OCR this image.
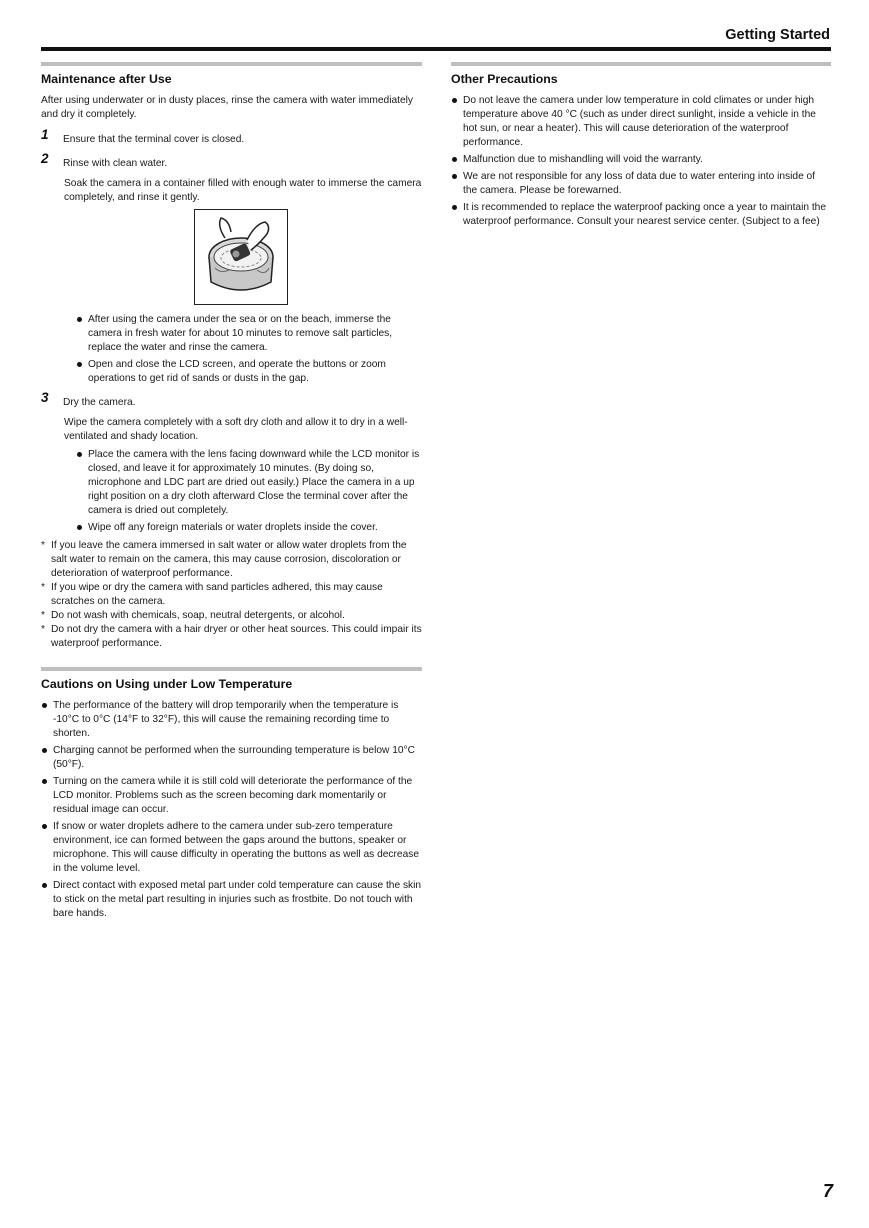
Getting Started
Maintenance after Use

After using underwater or in dusty places, rinse the camera with water immediately and dry it completely.

1 Ensure that the terminal cover is closed.
2 Rinse with clean water.

Soak the camera in a container filled with enough water to immerse the camera completely, and rinse it gently.

After using the camera under the sea or on the beach, immerse the camera in fresh water for about 10 minutes to remove salt particles, replace the water and rinse the camera.
Open and close the LCD screen, and operate the buttons or zoom operations to get rid of sands or dusts in the gap.
3 Dry the camera.

Wipe the camera completely with a soft dry cloth and allow it to dry in a well-ventilated and shady location.

Place the camera with the lens facing downward while the LCD monitor is closed, and leave it for approximately 10 minutes. (By doing so, microphone and LDC part are dried out easily.) Place the camera in a up right position on a dry cloth afterward Close the terminal cover after the camera is dried out completely.
Wipe off any foreign materials or water droplets inside the cover.
* If you leave the camera immersed in salt water or allow water droplets from the salt water to remain on the camera, this may cause corrosion, discoloration or deterioration of waterproof performance.
* If you wipe or dry the camera with sand particles adhered, this may cause scratches on the camera.
* Do not wash with chemicals, soap, neutral detergents, or alcohol.
* Do not dry the camera with a hair dryer or other heat sources. This could impair its waterproof performance.
Cautions on Using under Low Temperature
The performance of the battery will drop temporarily when the temperature is -10°C to 0°C (14°F to 32°F), this will cause the remaining recording time to shorten.
Charging cannot be performed when the surrounding temperature is below 10°C (50°F).
Turning on the camera while it is still cold will deteriorate the performance of the LCD monitor. Problems such as the screen becoming dark momentarily or residual image can occur.
If snow or water droplets adhere to the camera under sub-zero temperature environment, ice can formed between the gaps around the buttons, speaker or microphone. This will cause difficulty in operating the buttons as well as decrease in the volume level.
Direct contact with exposed metal part under cold temperature can cause the skin to stick on the metal part resulting in injuries such as frostbite. Do not touch with bare hands.
Other Precautions
Do not leave the camera under low temperature in cold climates or under high temperature above 40 °C (such as under direct sunlight, inside a vehicle in the hot sun, or near a heater). This will cause deterioration of the waterproof performance.
Malfunction due to mishandling will void the warranty.
We are not responsible for any loss of data due to water entering into inside of the camera. Please be forewarned.
It is recommended to replace the waterproof packing once a year to maintain the waterproof performance. Consult your nearest service center. (Subject to a fee)
7
